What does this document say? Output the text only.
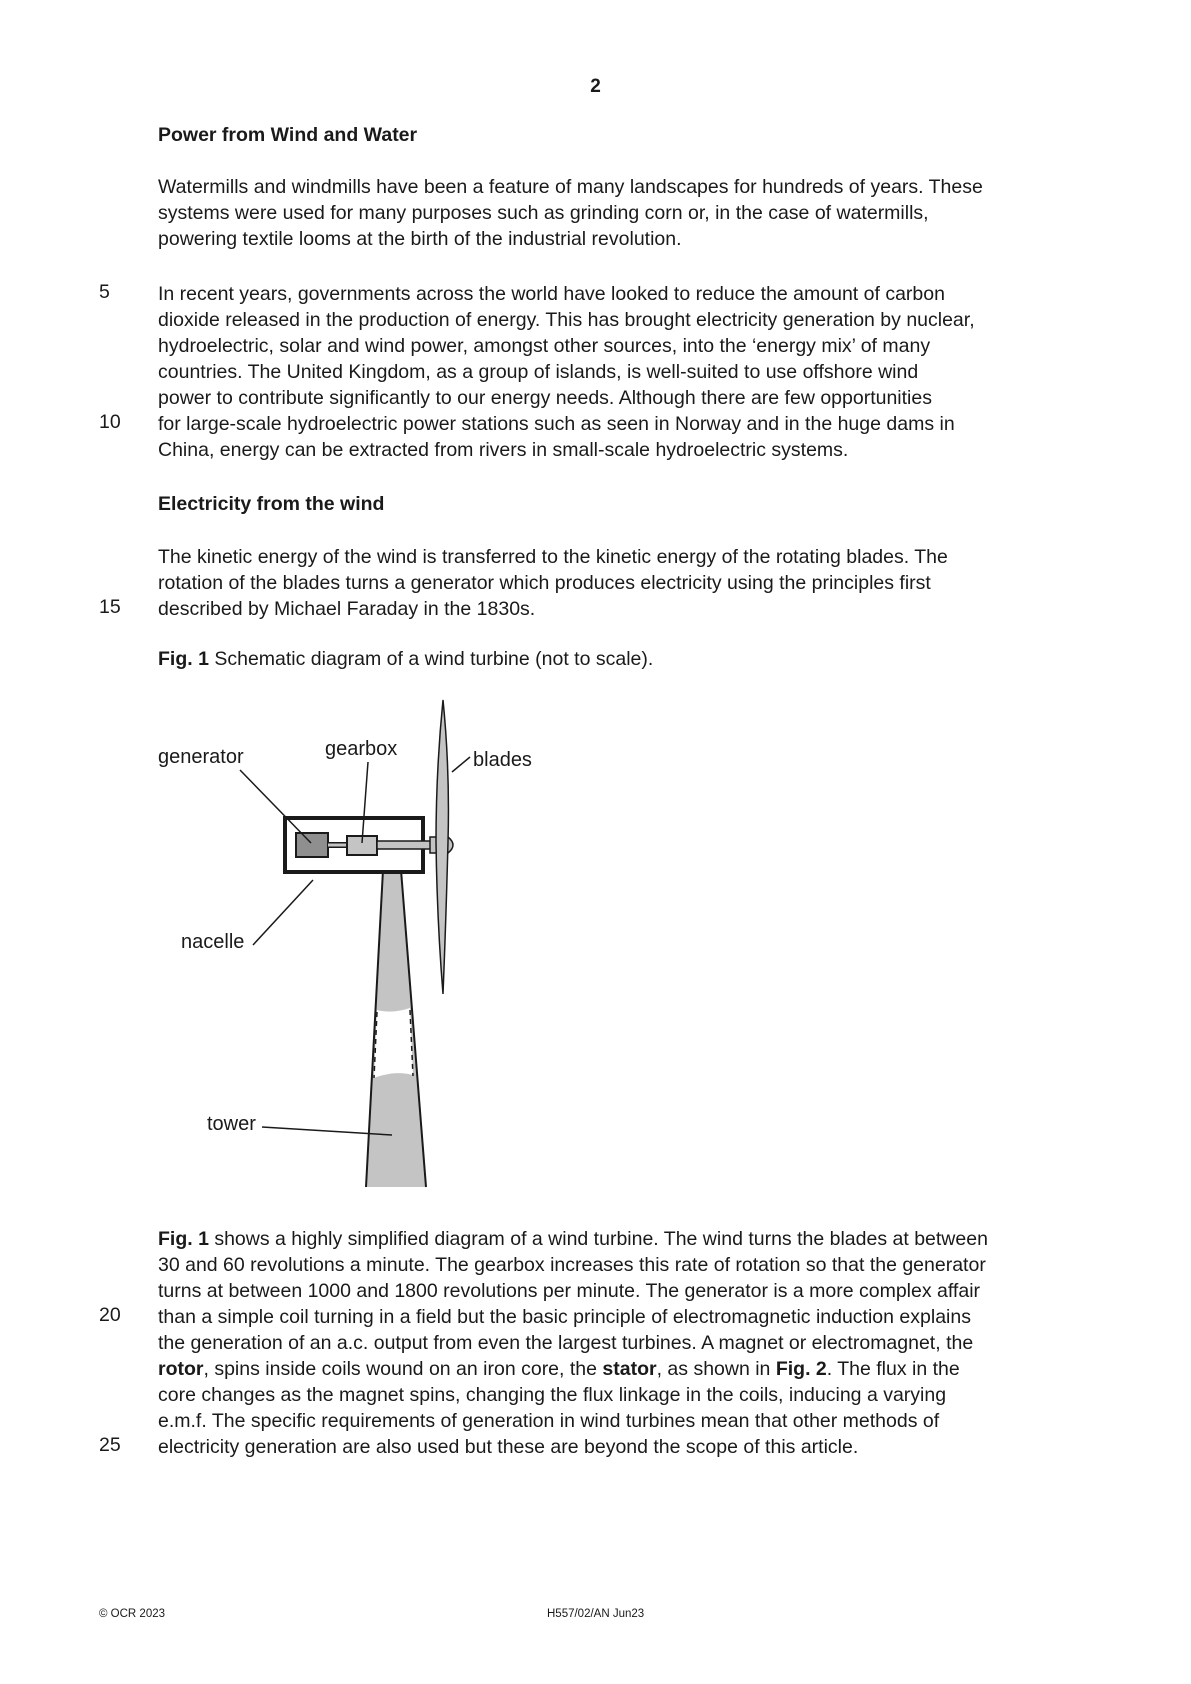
2
Power from Wind and Water
Watermills and windmills have been a feature of many landscapes for hundreds of years. These
systems were used for many purposes such as grinding corn or, in the case of watermills,
powering textile looms at the birth of the industrial revolution.
5 In recent years, governments across the world have looked to reduce the amount of carbon
dioxide released in the production of energy. This has brought electricity generation by nuclear,
hydroelectric, solar and wind power, amongst other sources, into the ‘energy mix’ of many
countries. The United Kingdom, as a group of islands, is well-suited to use offshore wind
power to contribute significantly to our energy needs. Although there are few opportunities
for large-scale hydroelectric power stations such as seen in Norway and in the huge dams in
China, energy can be extracted from rivers in small-scale hydroelectric systems.
10
Electricity from the wind
The kinetic energy of the wind is transferred to the kinetic energy of the rotating blades. The
rotation of the blades turns a generator which produces electricity using the principles first
described by Michael Faraday in the 1830s.
15
Fig. 1 Schematic diagram of a wind turbine (not to scale).
generator	gearbox	blades
nacelle
tower
Fig. 1 shows a highly simplified diagram of a wind turbine. The wind turns the blades at between
30 and 60 revolutions a minute. The gearbox increases this rate of rotation so that the generator
turns at between 1000 and 1800 revolutions per minute. The generator is a more complex affair
than a simple coil turning in a field but the basic principle of electromagnetic induction explains
the generation of an a.c. output from even the largest turbines. A magnet or electromagnet, the
rotor, spins inside coils wound on an iron core, the stator, as shown in Fig. 2. The flux in the
core changes as the magnet spins, changing the flux linkage in the coils, inducing a varying
e.m.f. The specific requirements of generation in wind turbines mean that other methods of
electricity generation are also used but these are beyond the scope of this article.
20
25
© OCR 2023	H557/02/AN Jun23
